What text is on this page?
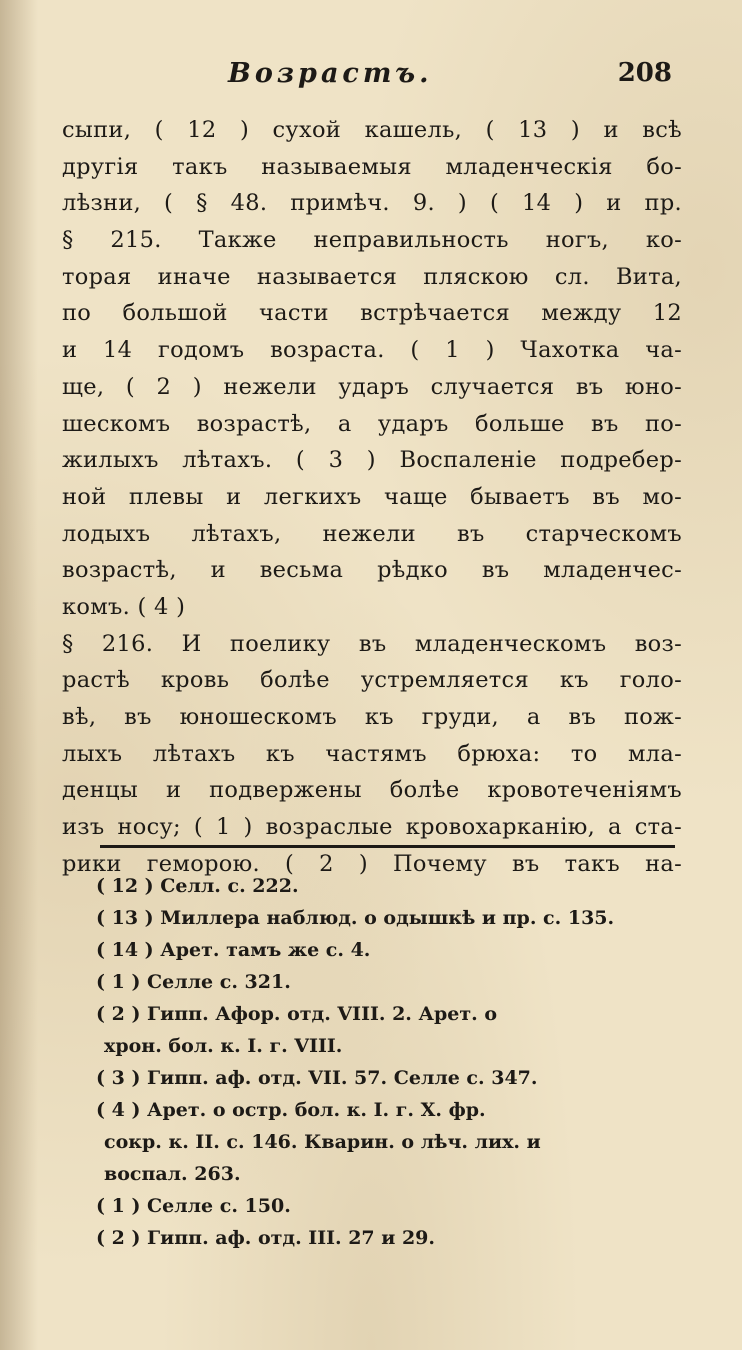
Возрастъ.	208
сыпи, ( 12 ) сухой кашель, ( 13 ) и всѣ
другія такъ называемыя младенческія бо-
лѣзни, ( § 48. примѣч. 9. ) ( 14 ) и пр.
§ 215. Также неправильность ногъ, ко-
торая иначе называется пляскою сл. Вита,
по большой части встрѣчается между 12
и 14 годомъ возраста. ( 1 ) Чахотка ча-
ще, ( 2 ) нежели ударъ случается въ юно-
шескомъ возрастѣ, а ударъ больше въ по-
жилыхъ лѣтахъ. ( 3 ) Воспаленіе подребер-
ной плевы и легкихъ чаще бываетъ въ мо-
лодыхъ лѣтахъ, нежели въ старческомъ
возрастѣ, и весьма рѣдко въ младенчес-
комъ. ( 4 )
§ 216. И поелику въ младенческомъ воз-
растѣ кровь болѣе устремляется къ голо-
вѣ, въ юношескомъ къ груди, а въ пож-
лыхъ лѣтахъ къ частямъ брюха: то мла-
денцы и подвержены болѣе кровотеченіямъ
изъ носу; ( 1 ) возраслые кровохарканію, а ста-
рики геморою. ( 2 ) Почему въ такъ на-
( 12 ) Селл. с. 222.
( 13 ) Миллера наблюд. о одышкѣ и пр. с. 135.
( 14 ) Арет. тамъ же с. 4.
( 1 ) Селле с. 321.
( 2 ) Гипп. Афор. отд. VIII. 2. Арет. о
хрон. бол. к. I. г. VIII.
( 3 ) Гипп. аф. отд. VII. 57. Селле с. 347.
( 4 ) Арет. о остр. бол. к. I. г. X. фр.
сокр. к. II. с. 146. Кварин. о лѣч. лих. и
воспал. 263.
( 1 ) Селле с. 150.
( 2 ) Гипп. аф. отд. III. 27 и 29.
